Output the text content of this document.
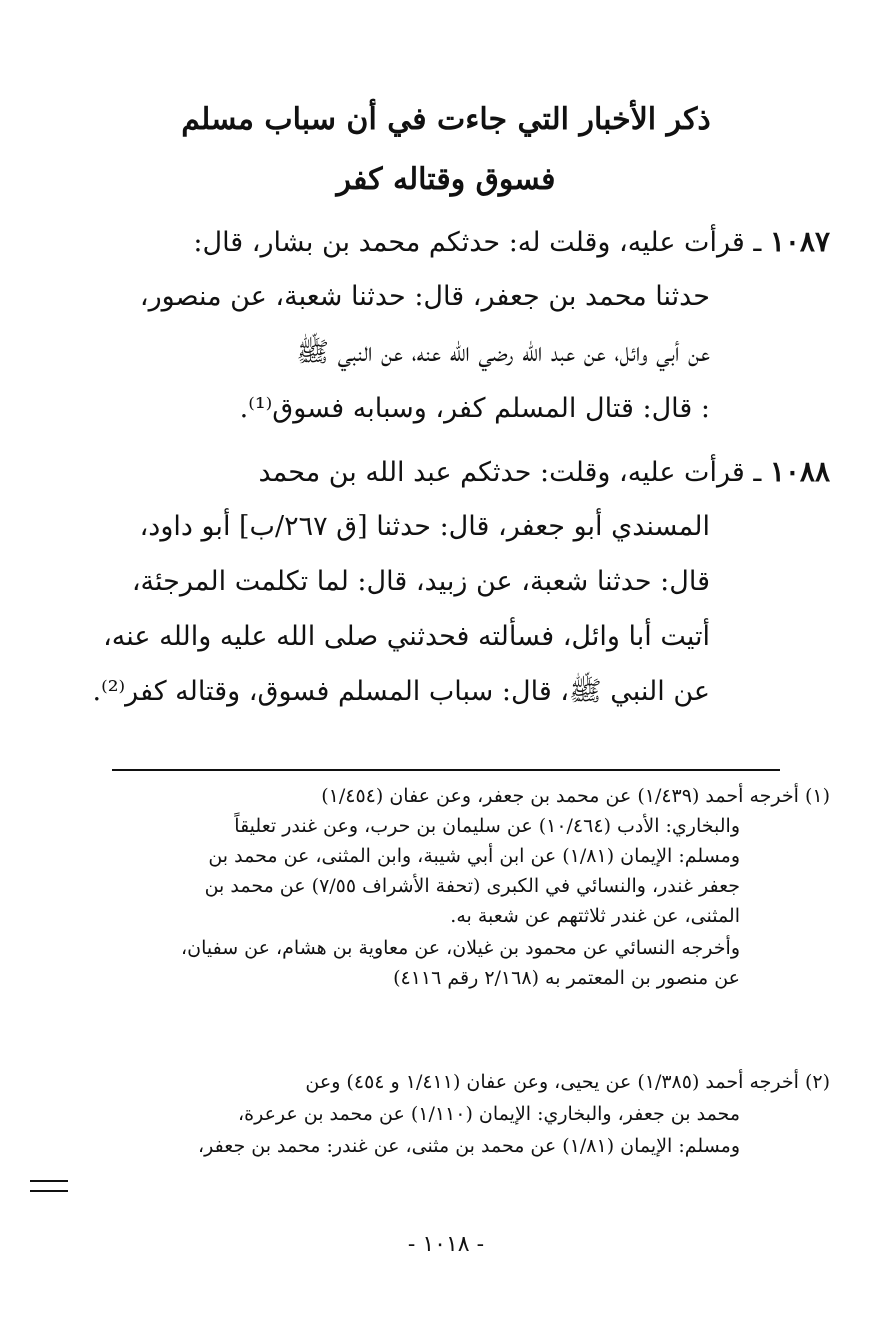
ذكر الأخبار التي جاءت في أن سباب مسلم
فسوق وقتاله كفر
١٠٨٧ ـ قرأت عليه، وقلت له: حدثكم محمد بن بشار، قال:
حدثنا محمد بن جعفر، قال: حدثنا شعبة، عن منصور،
عن أبي وائل، عن عبد الله رضي الله عنه، عن النبي ﷺ
: قال: قتال المسلم كفر، وسبابه فسوق⁽¹⁾.
١٠٨٨ ـ قرأت عليه، وقلت: حدثكم عبد الله بن محمد
المسندي أبو جعفر، قال: حدثنا [ق ٢٦٧/ب] أبو داود،
قال: حدثنا شعبة، عن زبيد، قال: لما تكلمت المرجئة،
أتيت أبا وائل، فسألته فحدثني صلى الله عليه والله عنه،
عن النبي ﷺ، قال: سباب المسلم فسوق، وقتاله كفر⁽²⁾.
(١) أخرجه أحمد (١/٤٣٩) عن محمد بن جعفر، وعن عفان (١/٤٥٤)
والبخاري: الأدب (١٠/٤٦٤) عن سليمان بن حرب، وعن غندر تعليقاً
ومسلم: الإيمان (١/٨١) عن ابن أبي شيبة، وابن المثنى، عن محمد بن
جعفر غندر، والنسائي في الكبرى (تحفة الأشراف ٧/٥٥) عن محمد بن
المثنى، عن غندر ثلاثتهم عن شعبة به.
وأخرجه النسائي عن محمود بن غيلان، عن معاوية بن هشام، عن سفيان،
عن منصور بن المعتمر به (٢/١٦٨ رقم ٤١١٦)
(٢) أخرجه أحمد (١/٣٨٥) عن يحيى، وعن عفان (١/٤١١ و ٤٥٤) وعن
محمد بن جعفر، والبخاري: الإيمان (١/١١٠) عن محمد بن عرعرة،
ومسلم: الإيمان (١/٨١) عن محمد بن مثنى، عن غندر: محمد بن جعفر،
- ١٠١٨ -
